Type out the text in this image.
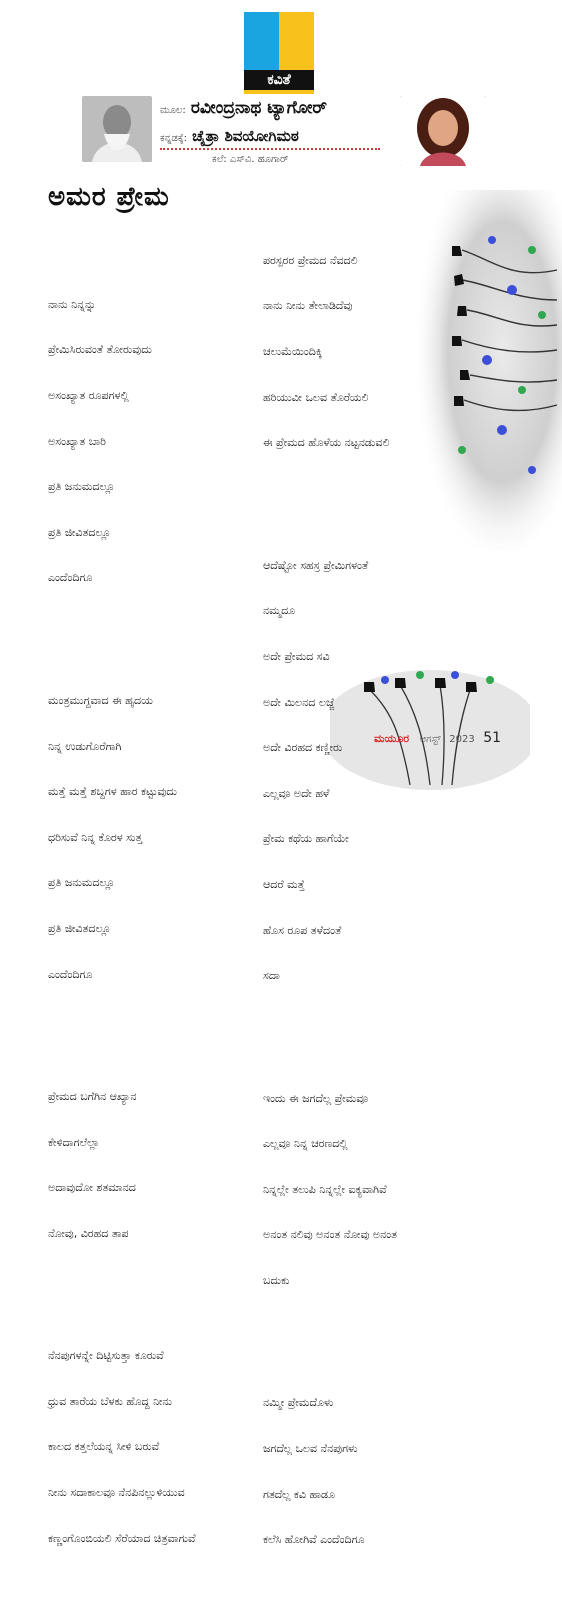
ಕವಿತೆ
ಮೂಲ: ರವೀಂದ್ರನಾಥ ಟ್ಯಾಗೋರ್
ಕನ್ನಡಕ್ಕೆ: ಚೈತ್ರಾ ಶಿವಯೋಗಿಮಠ
ಕಲೆ: ಎಸ್‌ವಿ. ಹೂಗಾರ್
ಅಮರ ಪ್ರೇಮ

ನಾನು ನಿನ್ನನ್ನು

ಪ್ರೇಮಿಸಿರುವಂತೆ ತೋರುವುದು

ಅಸಂಖ್ಯಾತ ರೂಪಗಳಲ್ಲಿ

ಅಸಂಖ್ಯಾತ ಬಾರಿ

ಪ್ರತಿ ಜನುಮದಲ್ಲೂ

ಪ್ರತಿ ಜೀವಿತದಲ್ಲೂ

ಎಂದೆಂದಿಗೂ

ಮಂತ್ರಮುಗ್ದವಾದ ಈ ಹೃದಯ

ನಿನ್ನ ಉಡುಗೊರೆಗಾಗಿ

ಮತ್ತೆ ಮತ್ತೆ ಶಬ್ದಗಳ ಹಾರ ಕಟ್ಟುವುದು

ಧರಿಸುವೆ ನಿನ್ನ ಕೊರಳ ಸುತ್ತ

ಪ್ರತಿ ಜನುಮದಲ್ಲೂ

ಪ್ರತಿ ಜೀವಿತದಲ್ಲೂ

ಎಂದೆಂದಿಗೂ

ಪ್ರೇಮದ ಬಗೆಗಿನ ಆಖ್ಯಾನ

ಕೇಳಿದಾಗಲೆಲ್ಲಾ

ಅದಾವುದೋ ಶತಮಾನದ

ನೋವು, ವಿರಹದ ತಾಪ

ನೆನಪುಗಳನ್ನೇ ದಿಟ್ಟಿಸುತ್ತಾ ಕೂರುವೆ

ಧ್ರುವ ತಾರೆಯ ಬೆಳಕು ಹೊದ್ದ ನೀನು

ಕಾಲದ ಕತ್ತಲೆಯನ್ನ ಸೀಳಿ ಬರುವೆ

ನೀನು ಸದಾಕಾಲವೂ ನೆನಪಿನಲ್ಲುಳಿಯುವ

ಕಣ್ಣಂಗೊಂಬಿಯಲಿ ಸೆರೆಯಾದ ಚಿತ್ರವಾಗುವೆ

ಪರಸ್ಪರರ ಪ್ರೇಮದ ನೆವದಲಿ

ನಾನು ನೀನು ತೇಲಾಡಿದೆವು

ಚಲುಮೆಯಿಂದಿಕ್ಕಿ

ಹರಿಯುವೀ ಒಲವ ತೊರೆಯಲಿ

ಈ ಪ್ರೇಮದ ಹೊಳೆಯ ನಟ್ಟನಡುವಲಿ

ಆದೆಷ್ಟೋ ಸಹಸ್ರ ಪ್ರೇಮಿಗಳಂತೆ

ನಮ್ಮದೂ

ಅದೇ ಪ್ರೇಮದ ಸವಿ

ಅದೇ ಮಿಲನದ ಲಜ್ಜೆ

ಅದೇ ವಿರಹದ ಕಣ್ಣೀರು

ಎಲ್ಲವೂ ಅದೇ ಹಳೆ

ಪ್ರೇಮ ಕಥೆಯ ಹಾಗೆಯೇ

ಆದರೆ ಮತ್ತೆ

ಹೊಸ ರೂಪ ತಳೆದಂತೆ

ಸದಾ

ಇಂದು ಈ ಜಗದೆಲ್ಲ ಪ್ರೇಮವೂ

ಎಲ್ಲವೂ ನಿನ್ನ ಚರಣದಲ್ಲಿ

ನಿನ್ನಲ್ಲೇ ತಲುಪಿ ನಿನ್ನಲ್ಲೇ ಐಕ್ಯವಾಗಿವೆ

ಅನಂತ ನಲಿವು ಅನಂತ ನೋವು ಅನಂತ

ಬದುಕು

ನಮ್ಮೀ ಪ್ರೇಮದೊಳು

ಜಗದೆಲ್ಲ ಒಲವ ನೆನಪುಗಳು

ಗತದೆಲ್ಲ ಕವಿ ಹಾಡೂ

ಕಲೆಸಿ ಹೋಗಿವೆ ಎಂದೆಂದಿಗೂ

ಮಯೂರ ಆಗಸ್ಟ್ 2023 51
